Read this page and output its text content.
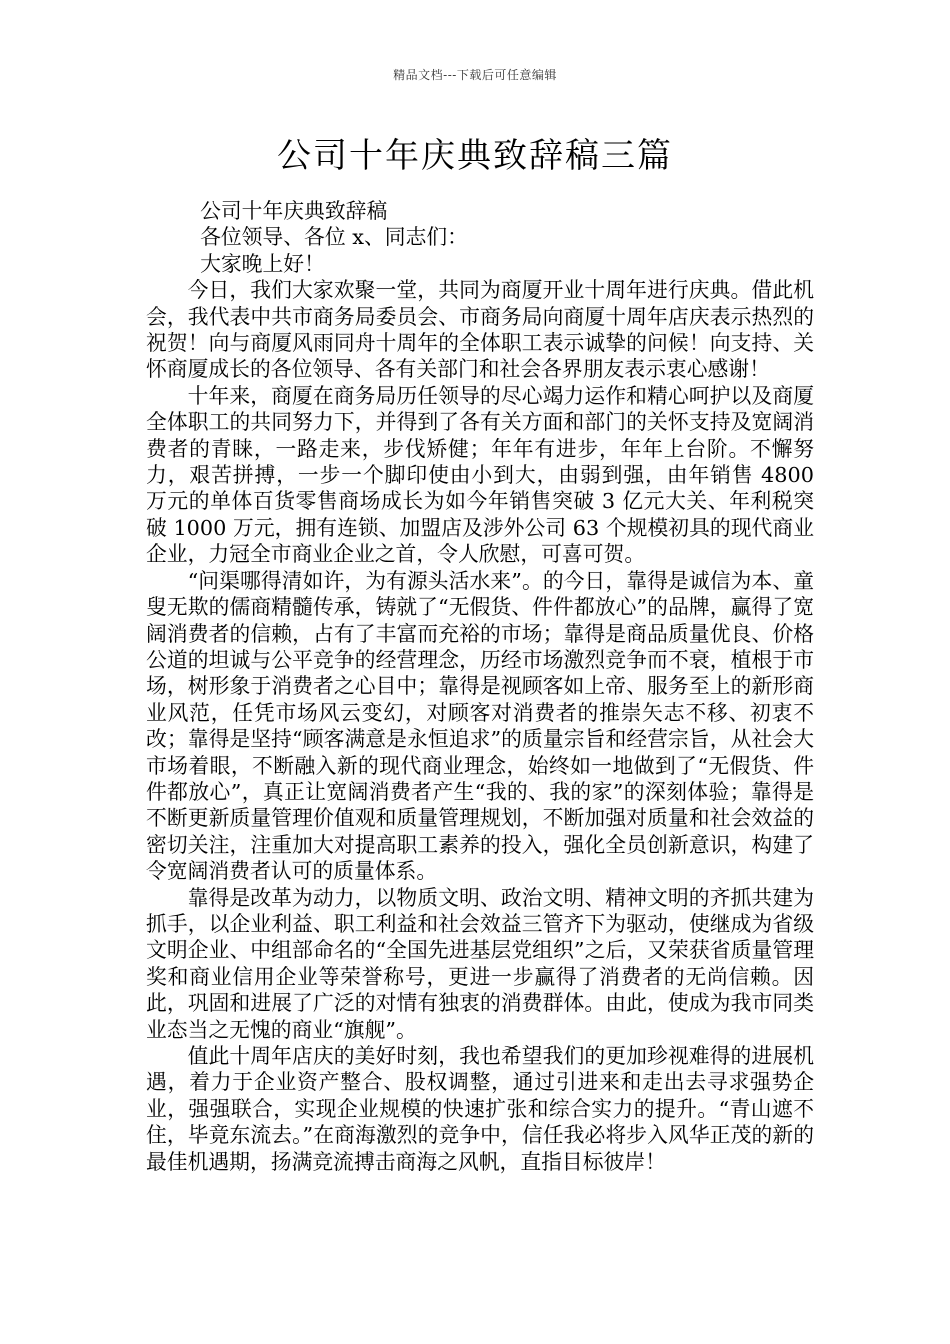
精品文档---下载后可任意编辑
公司十年庆典致辞稿三篇

公司十年庆典致辞稿

各位领导、各位 x、同志们：

大家晚上好！

今日，我们大家欢聚一堂，共同为商厦开业十周年进行庆典。借此机会，我代表中共市商务局委员会、市商务局向商厦十周年店庆表示热烈的祝贺！向与商厦风雨同舟十周年的全体职工表示诚挚的问候！向支持、关怀商厦成长的各位领导、各有关部门和社会各界朋友表示衷心感谢！

十年来，商厦在商务局历任领导的尽心竭力运作和精心呵护以及商厦全体职工的共同努力下，并得到了各有关方面和部门的关怀支持及宽阔消费者的青睐，一路走来，步伐矫健；年年有进步，年年上台阶。不懈努力，艰苦拼搏，一步一个脚印使由小到大，由弱到强，由年销售 4800 万元的单体百货零售商场成长为如今年销售突破 3 亿元大关、年利税突破 1000 万元，拥有连锁、加盟店及涉外公司 63 个规模初具的现代商业企业，力冠全市商业企业之首，令人欣慰，可喜可贺。

“问渠哪得清如许，为有源头活水来”。的今日，靠得是诚信为本、童叟无欺的儒商精髓传承，铸就了“无假货、件件都放心”的品牌，赢得了宽阔消费者的信赖，占有了丰富而充裕的市场；靠得是商品质量优良、价格公道的坦诚与公平竞争的经营理念，历经市场激烈竞争而不衰，植根于市场，树形象于消费者之心目中；靠得是视顾客如上帝、服务至上的新形商业风范，任凭市场风云变幻，对顾客对消费者的推崇矢志不移、初衷不改；靠得是坚持“顾客满意是永恒追求”的质量宗旨和经营宗旨，从社会大市场着眼，不断融入新的现代商业理念，始终如一地做到了“无假货、件件都放心”，真正让宽阔消费者产生“我的、我的家”的深刻体验；靠得是不断更新质量管理价值观和质量管理规划，不断加强对质量和社会效益的密切关注，注重加大对提高职工素养的投入，强化全员创新意识，构建了令宽阔消费者认可的质量体系。

靠得是改革为动力，以物质文明、政治文明、精神文明的齐抓共建为抓手，以企业利益、职工利益和社会效益三管齐下为驱动，使继成为省级文明企业、中组部命名的“全国先进基层党组织”之后，又荣获省质量管理奖和商业信用企业等荣誉称号，更进一步赢得了消费者的无尚信赖。因此，巩固和进展了广泛的对情有独衷的消费群体。由此，使成为我市同类业态当之无愧的商业“旗舰”。

值此十周年店庆的美好时刻，我也希望我们的更加珍视难得的进展机遇，着力于企业资产整合、股权调整，通过引进来和走出去寻求强势企业，强强联合，实现企业规模的快速扩张和综合实力的提升。“青山遮不住，毕竟东流去。”在商海激烈的竞争中，信任我必将步入风华正茂的新的最佳机遇期，扬满竞流搏击商海之风帆，直指目标彼岸！
